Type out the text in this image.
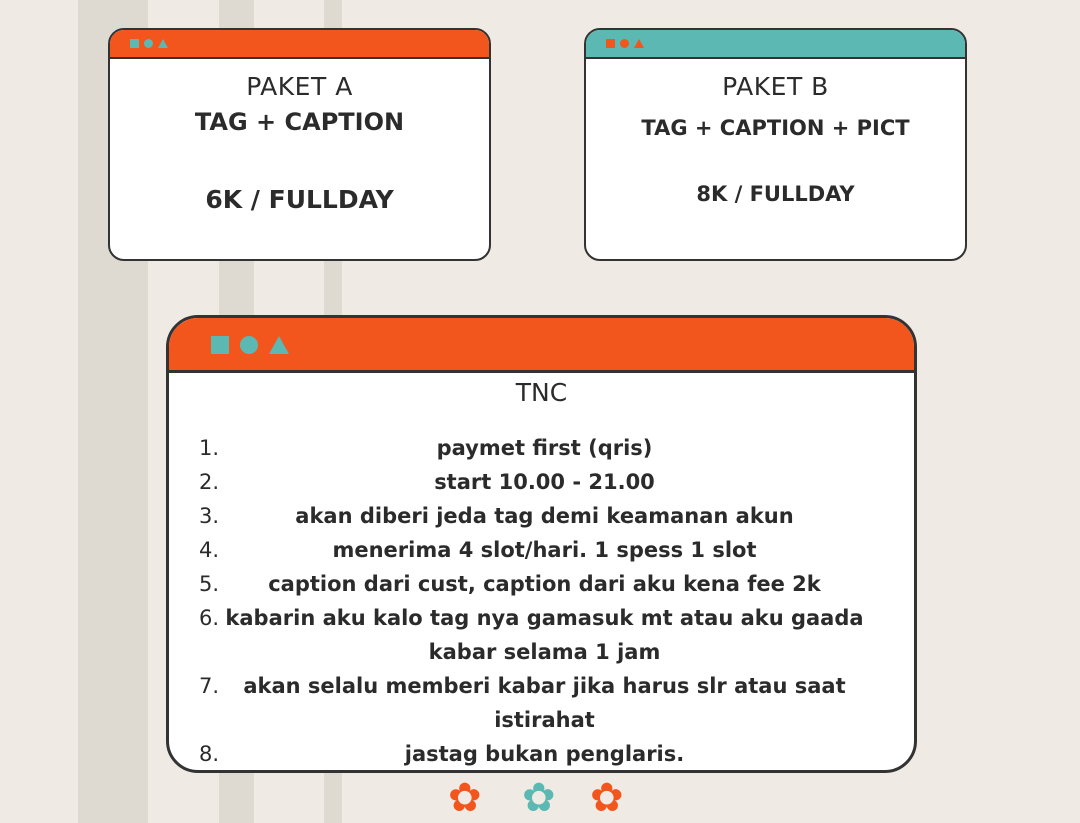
PAKET A
TAG + CAPTION
6K / FULLDAY
PAKET B
TAG + CAPTION + PICT
8K / FULLDAY
TNC
1.	paymet first (qris)
2.	start 10.00 - 21.00
3.	akan diberi jeda tag demi keamanan akun
4.	menerima 4 slot/hari. 1 spess 1 slot
5.	caption dari cust, caption dari aku kena fee 2k
6. kabarin aku kalo tag nya gamasuk mt atau aku gaada kabar selama 1 jam
7.	akan selalu memberi kabar jika harus slr atau saat istirahat
8.	jastag bukan penglaris.
✿ ✿ ✿
